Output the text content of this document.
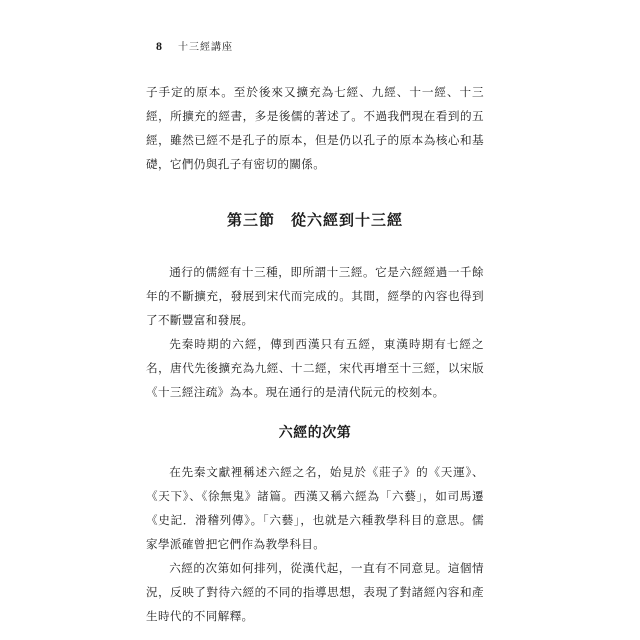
8 十三經講座

子手定的原本。至於後來又擴充為七經、九經、十一經、十三經，所擴充的經書，多是後儒的著述了。不過我們現在看到的五經，雖然已經不是孔子的原本，但是仍以孔子的原本為核心和基礎，它們仍與孔子有密切的關係。

第三節 從六經到十三經

通行的儒經有十三種，即所謂十三經。它是六經經過一千餘年的不斷擴充，發展到宋代而完成的。其間，經學的內容也得到了不斷豐富和發展。

先秦時期的六經，傳到西漢只有五經，東漢時期有七經之名，唐代先後擴充為九經、十二經，宋代再增至十三經，以宋版《十三經注疏》為本。現在通行的是清代阮元的校刻本。

六經的次第

在先秦文獻裡稱述六經之名，始見於《莊子》的《天運》、《天下》、《徐無鬼》諸篇。西漢又稱六經為「六藝」，如司馬遷《史記．滑稽列傳》。「六藝」，也就是六種教學科目的意思。儒家學派確曾把它們作為教學科目。

六經的次第如何排列，從漢代起，一直有不同意見。這個情況，反映了對待六經的不同的指導思想，表現了對諸經內容和產生時代的不同解釋。
